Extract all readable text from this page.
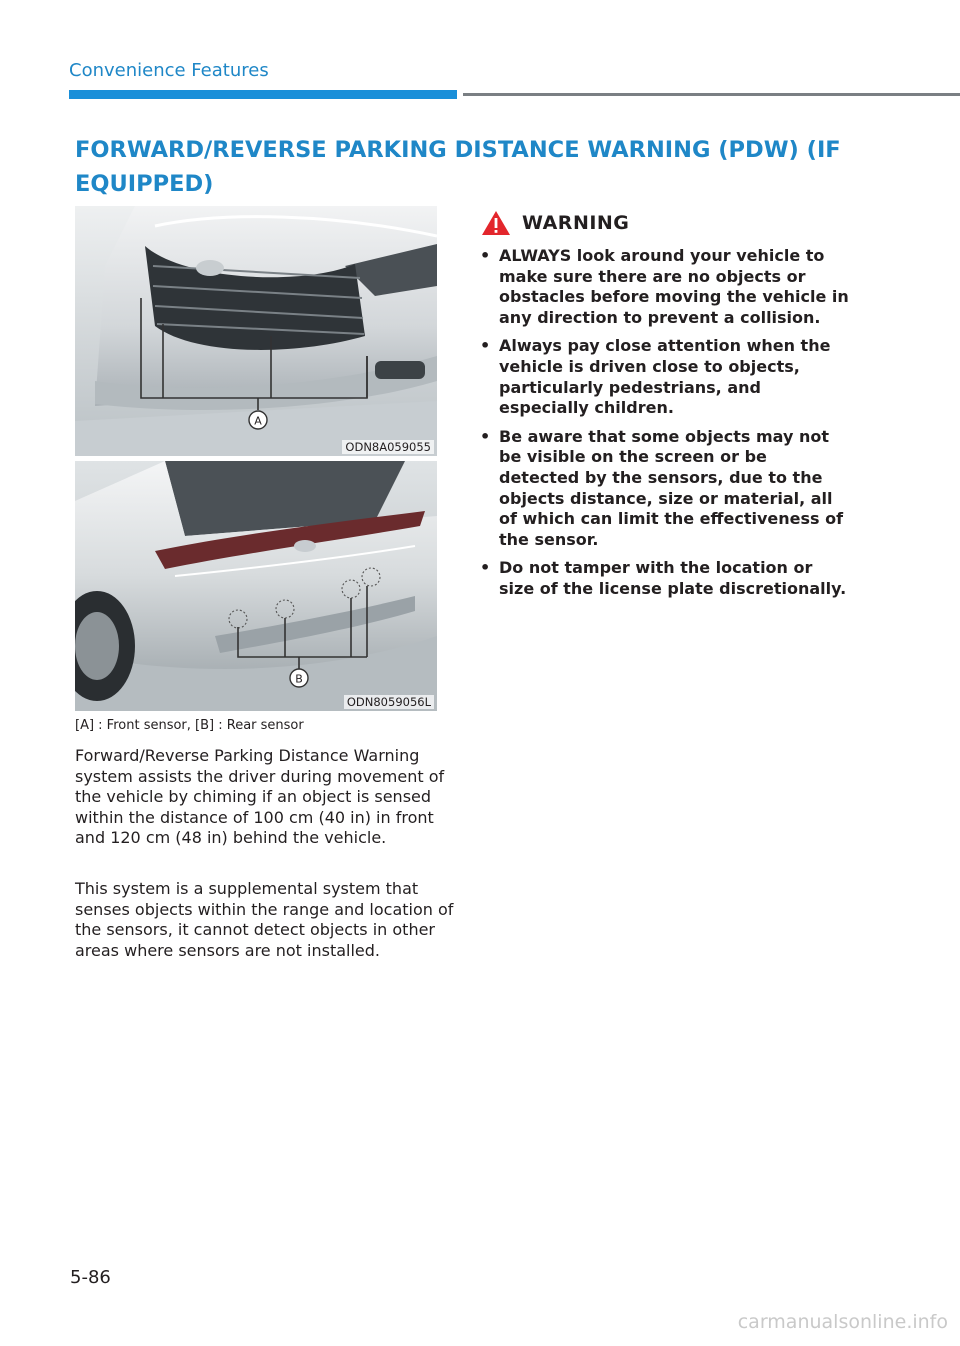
Convenience Features
FORWARD/REVERSE PARKING DISTANCE WARNING (PDW) (IF EQUIPPED)
A
ODN8A059055
B
ODN8059056L

[A] : Front sensor, [B] : Rear sensor

Forward/Reverse Parking Distance Warning system assists the driver during movement of the vehicle by chiming if an object is sensed within the distance of 100 cm (40 in) in front and 120 cm (48 in) behind the vehicle.

This system is a supplemental system that senses objects within the range and location of the sensors, it cannot detect objects in other areas where sensors are not installed.

WARNING
• ALWAYS look around your vehicle to make sure there are no objects or obstacles before moving the vehicle in any direction to prevent a collision.
• Always pay close attention when the vehicle is driven close to objects, particularly pedestrians, and especially children.
• Be aware that some objects may not be visible on the screen or be detected by the sensors, due to the objects distance, size or material, all of which can limit the effectiveness of the sensor.
• Do not tamper with the location or size of the license plate discretionally.

5-86

carmanualsonline.info
